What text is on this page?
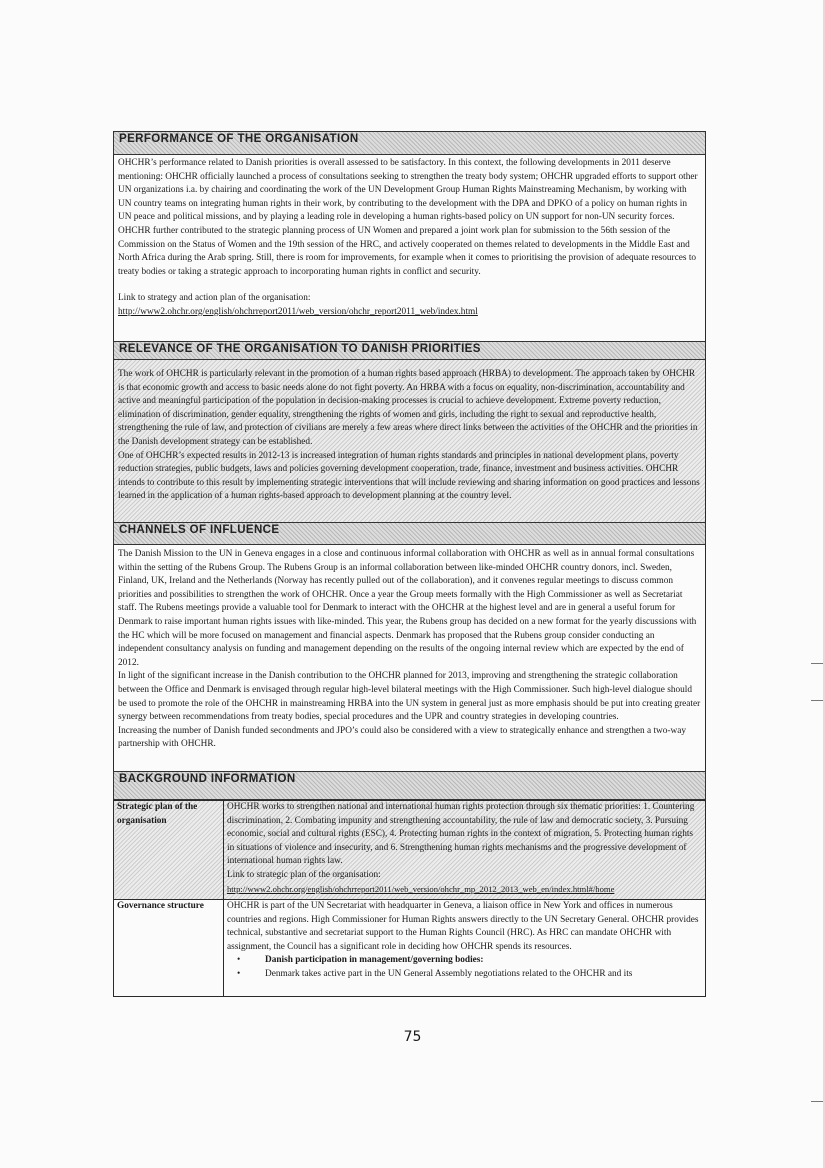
PERFORMANCE OF THE ORGANISATION

OHCHR’s performance related to Danish priorities is overall assessed to be satisfactory. In this context, the following developments in 2011 deserve mentioning: OHCHR officially launched a process of consultations seeking to strengthen the treaty body system; OHCHR upgraded efforts to support other UN organizations i.a. by chairing and coordinating the work of the UN Development Group Human Rights Mainstreaming Mechanism, by working with UN country teams on integrating human rights in their work, by contributing to the development with the DPA and DPKO of a policy on human rights in UN peace and political missions, and by playing a leading role in developing a human rights-based policy on UN support for non-UN security forces. OHCHR further contributed to the strategic planning process of UN Women and prepared a joint work plan for submission to the 56th session of the Commission on the Status of Women and the 19th session of the HRC, and actively cooperated on themes related to developments in the Middle East and North Africa during the Arab spring. Still, there is room for improvements, for example when it comes to prioritising the provision of adequate resources to treaty bodies or taking a strategic approach to incorporating human rights in conflict and security.

Link to strategy and action plan of the organisation:

http://www2.ohchr.org/english/ohchrreport2011/web_version/ohchr_report2011_web/index.html

RELEVANCE OF THE ORGANISATION TO DANISH PRIORITIES

The work of OHCHR is particularly relevant in the promotion of a human rights based approach (HRBA) to development. The approach taken by OHCHR is that economic growth and access to basic needs alone do not fight poverty. An HRBA with a focus on equality, non-discrimination, accountability and active and meaningful participation of the population in decision-making processes is crucial to achieve development. Extreme poverty reduction, elimination of discrimination, gender equality, strengthening the rights of women and girls, including the right to sexual and reproductive health, strengthening the rule of law, and protection of civilians are merely a few areas where direct links between the activities of the OHCHR and the priorities in the Danish development strategy can be established.

One of OHCHR’s expected results in 2012-13 is increased integration of human rights standards and principles in national development plans, poverty reduction strategies, public budgets, laws and policies governing development cooperation, trade, finance, investment and business activities. OHCHR intends to contribute to this result by implementing strategic interventions that will include reviewing and sharing information on good practices and lessons learned in the application of a human rights-based approach to development planning at the country level.

CHANNELS OF INFLUENCE

The Danish Mission to the UN in Geneva engages in a close and continuous informal collaboration with OHCHR as well as in annual formal consultations within the setting of the Rubens Group. The Rubens Group is an informal collaboration between like-minded OHCHR country donors, incl. Sweden, Finland, UK, Ireland and the Netherlands (Norway has recently pulled out of the collaboration), and it convenes regular meetings to discuss common priorities and possibilities to strengthen the work of OHCHR. Once a year the Group meets formally with the High Commissioner as well as Secretariat staff. The Rubens meetings provide a valuable tool for Denmark to interact with the OHCHR at the highest level and are in general a useful forum for Denmark to raise important human rights issues with like-minded. This year, the Rubens group has decided on a new format for the yearly discussions with the HC which will be more focused on management and financial aspects. Denmark has proposed that the Rubens group consider conducting an independent consultancy analysis on funding and management depending on the results of the ongoing internal review which are expected by the end of 2012.

In light of the significant increase in the Danish contribution to the OHCHR planned for 2013, improving and strengthening the strategic collaboration between the Office and Denmark is envisaged through regular high-level bilateral meetings with the High Commissioner. Such high-level dialogue should be used to promote the role of the OHCHR in mainstreaming HRBA into the UN system in general just as more emphasis should be put into creating greater synergy between recommendations from treaty bodies, special procedures and the UPR and country strategies in developing countries.

Increasing the number of Danish funded secondments and JPO’s could also be considered with a view to strategically enhance and strengthen a two-way partnership with OHCHR.

BACKGROUND INFORMATION
Strategic plan of the organisation	OHCHR works to strengthen national and international human rights protection through six thematic priorities: 1. Countering discrimination, 2. Combating impunity and strengthening accountability, the rule of law and democratic society, 3. Pursuing economic, social and cultural rights (ESC), 4. Protecting human rights in the context of migration, 5. Protecting human rights in situations of violence and insecurity, and 6. Strengthening human rights mechanisms and the progressive development of international human rights law.
Link to strategic plan of the organisation:
http://www2.ohchr.org/english/ohchrreport2011/web_version/ohchr_mp_2012_2013_web_en/index.html#/home

Governance structure	OHCHR is part of the UN Secretariat with headquarter in Geneva, a liaison office in New York and offices in numerous countries and regions. High Commissioner for Human Rights answers directly to the UN Secretary General. OHCHR provides technical, substantive and secretariat support to the Human Rights Council (HRC). As HRC can mandate OHCHR with assignment, the Council has a significant role in deciding how OHCHR spends its resources.
• Danish participation in management/governing bodies:
• Denmark takes active part in the UN General Assembly negotiations related to the OHCHR and its
75
